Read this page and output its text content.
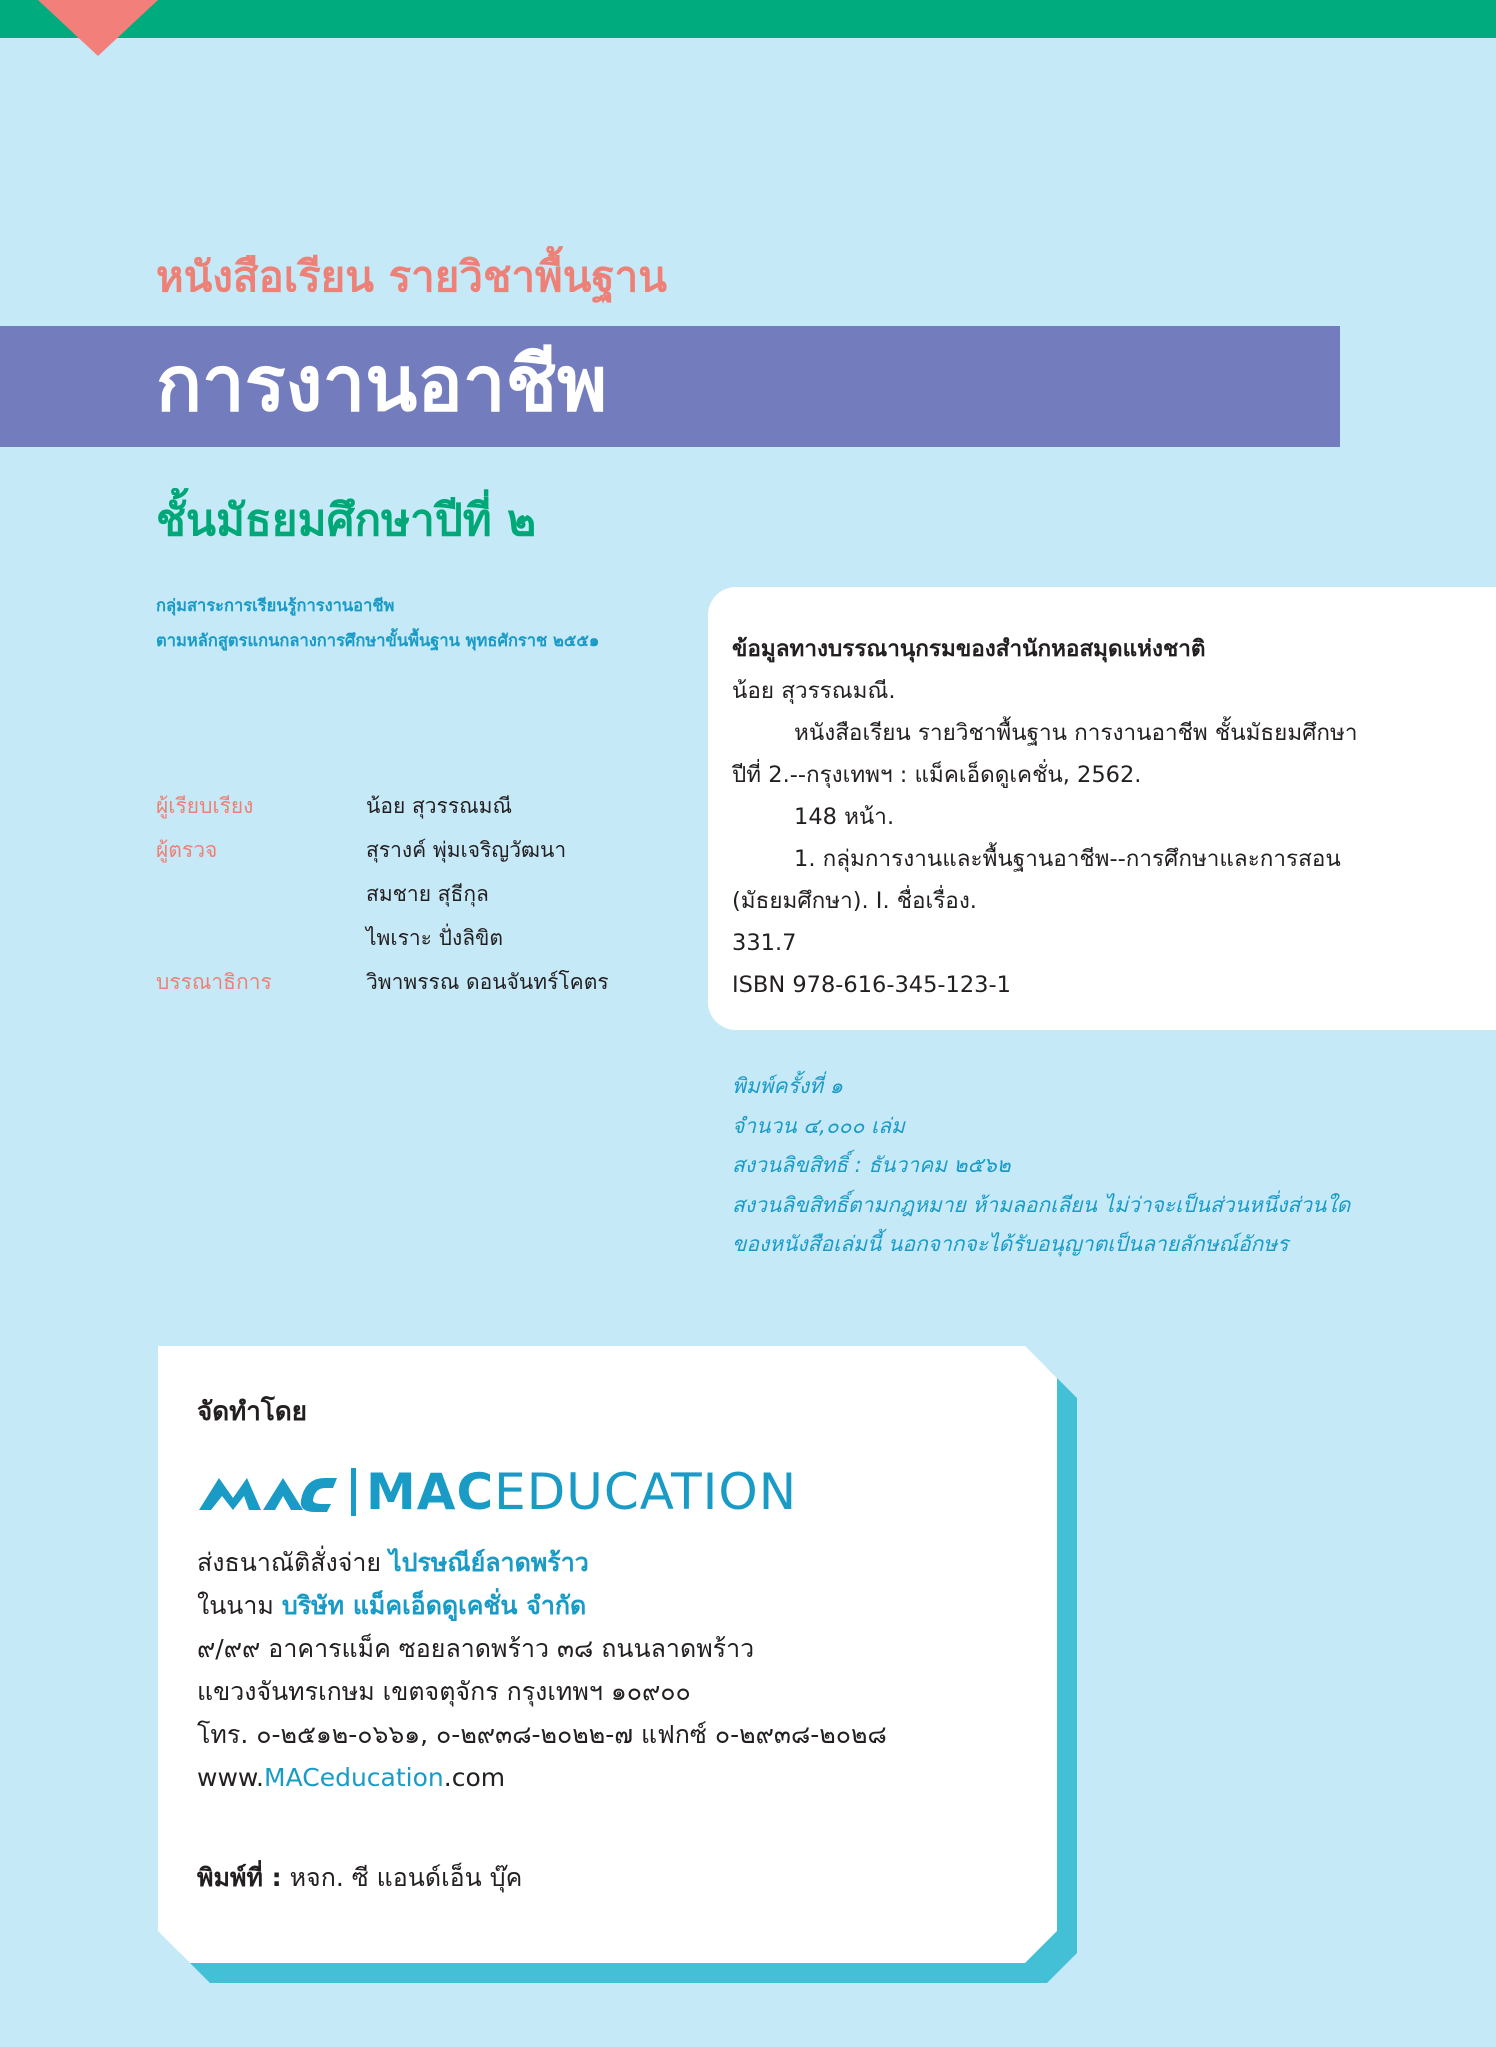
หนังสือเรียน รายวิชาพื้นฐาน
การงานอาชีพ
ชั้นมัธยมศึกษาปีที่ ๒
กลุ่มสาระการเรียนรู้การงานอาชีพ
ตามหลักสูตรแกนกลางการศึกษาขั้นพื้นฐาน พุทธศักราช ๒๕๕๑
ผู้เรียบเรียง	น้อย สุวรรณมณี
ผู้ตรวจ	สุรางค์ พุ่มเจริญวัฒนา
สมชาย สุธีกุล
ไพเราะ ปั่งลิขิต
บรรณาธิการ	วิพาพรรณ ดอนจันทร์โคตร
ข้อมูลทางบรรณานุกรมของสำนักหอสมุดแห่งชาติ
น้อย สุวรรณมณี.
หนังสือเรียน รายวิชาพื้นฐาน การงานอาชีพ ชั้นมัธยมศึกษา
ปีที่ 2.--กรุงเทพฯ : แม็คเอ็ดดูเคชั่น, 2562.
148 หน้า.
1. กลุ่มการงานและพื้นฐานอาชีพ--การศึกษาและการสอน
(มัธยมศึกษา). I. ชื่อเรื่อง.
331.7
ISBN 978-616-345-123-1
พิมพ์ครั้งที่ ๑
จำนวน ๔,๐๐๐ เล่ม
สงวนลิขสิทธิ์ : ธันวาคม ๒๕๖๒
สงวนลิขสิทธิ์ตามกฎหมาย ห้ามลอกเลียน ไม่ว่าจะเป็นส่วนหนึ่งส่วนใด
ของหนังสือเล่มนี้ นอกจากจะได้รับอนุญาตเป็นลายลักษณ์อักษร
จัดทำโดย
MACEDUCATION
ส่งธนาณัติสั่งจ่าย ไปรษณีย์ลาดพร้าว
ในนาม บริษัท แม็คเอ็ดดูเคชั่น จำกัด
๙/๙๙ อาคารแม็ค ซอยลาดพร้าว ๓๘ ถนนลาดพร้าว
แขวงจันทรเกษม เขตจตุจักร กรุงเทพฯ ๑๐๙๐๐
โทร. ๐-๒๕๑๒-๐๖๖๑, ๐-๒๙๓๘-๒๐๒๒-๗ แฟกซ์ ๐-๒๙๓๘-๒๐๒๘
www.MACeducation.com
พิมพ์ที่ : หจก. ซี แอนด์เอ็น บุ๊ค
